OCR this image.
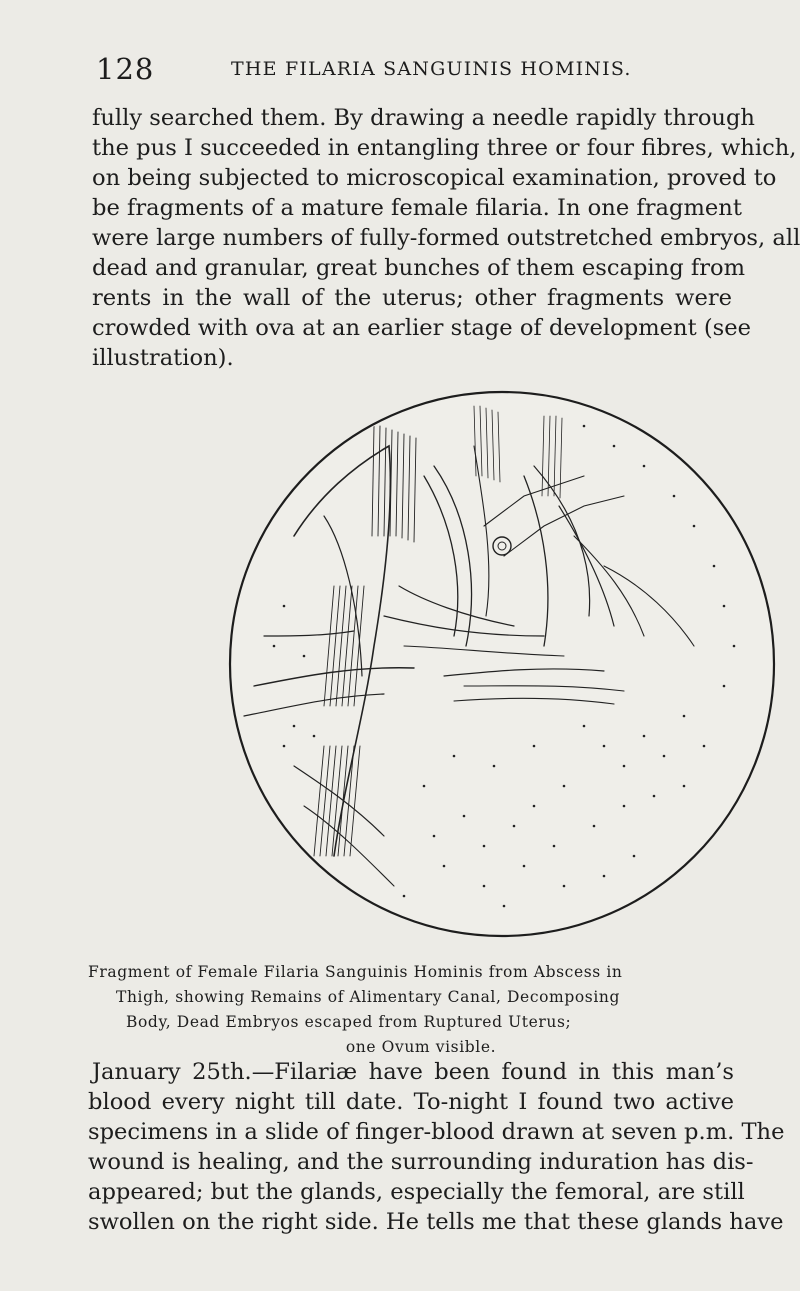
128	THE FILARIA SANGUINIS HOMINIS.
fully searched them. By drawing a needle rapidly through
the pus I succeeded in entangling three or four fibres, which,
on being subjected to microscopical examination, proved to
be fragments of a mature female filaria. In one fragment
were large numbers of fully-formed outstretched embryos, all
dead and granular, great bunches of them escaping from
rents in the wall of the uterus; other fragments were
crowded with ova at an earlier stage of development (see
illustration).
Fragment of Female Filaria Sanguinis Hominis from Abscess in
Thigh, showing Remains of Alimentary Canal, Decomposing
Body, Dead Embryos escaped from Ruptured Uterus;
one Ovum visible.
January 25th.—Filariæ have been found in this man’s
blood every night till date. To-night I found two active
specimens in a slide of finger-blood drawn at seven p.m. The
wound is healing, and the surrounding induration has dis-
appeared; but the glands, especially the femoral, are still
swollen on the right side. He tells me that these glands have
